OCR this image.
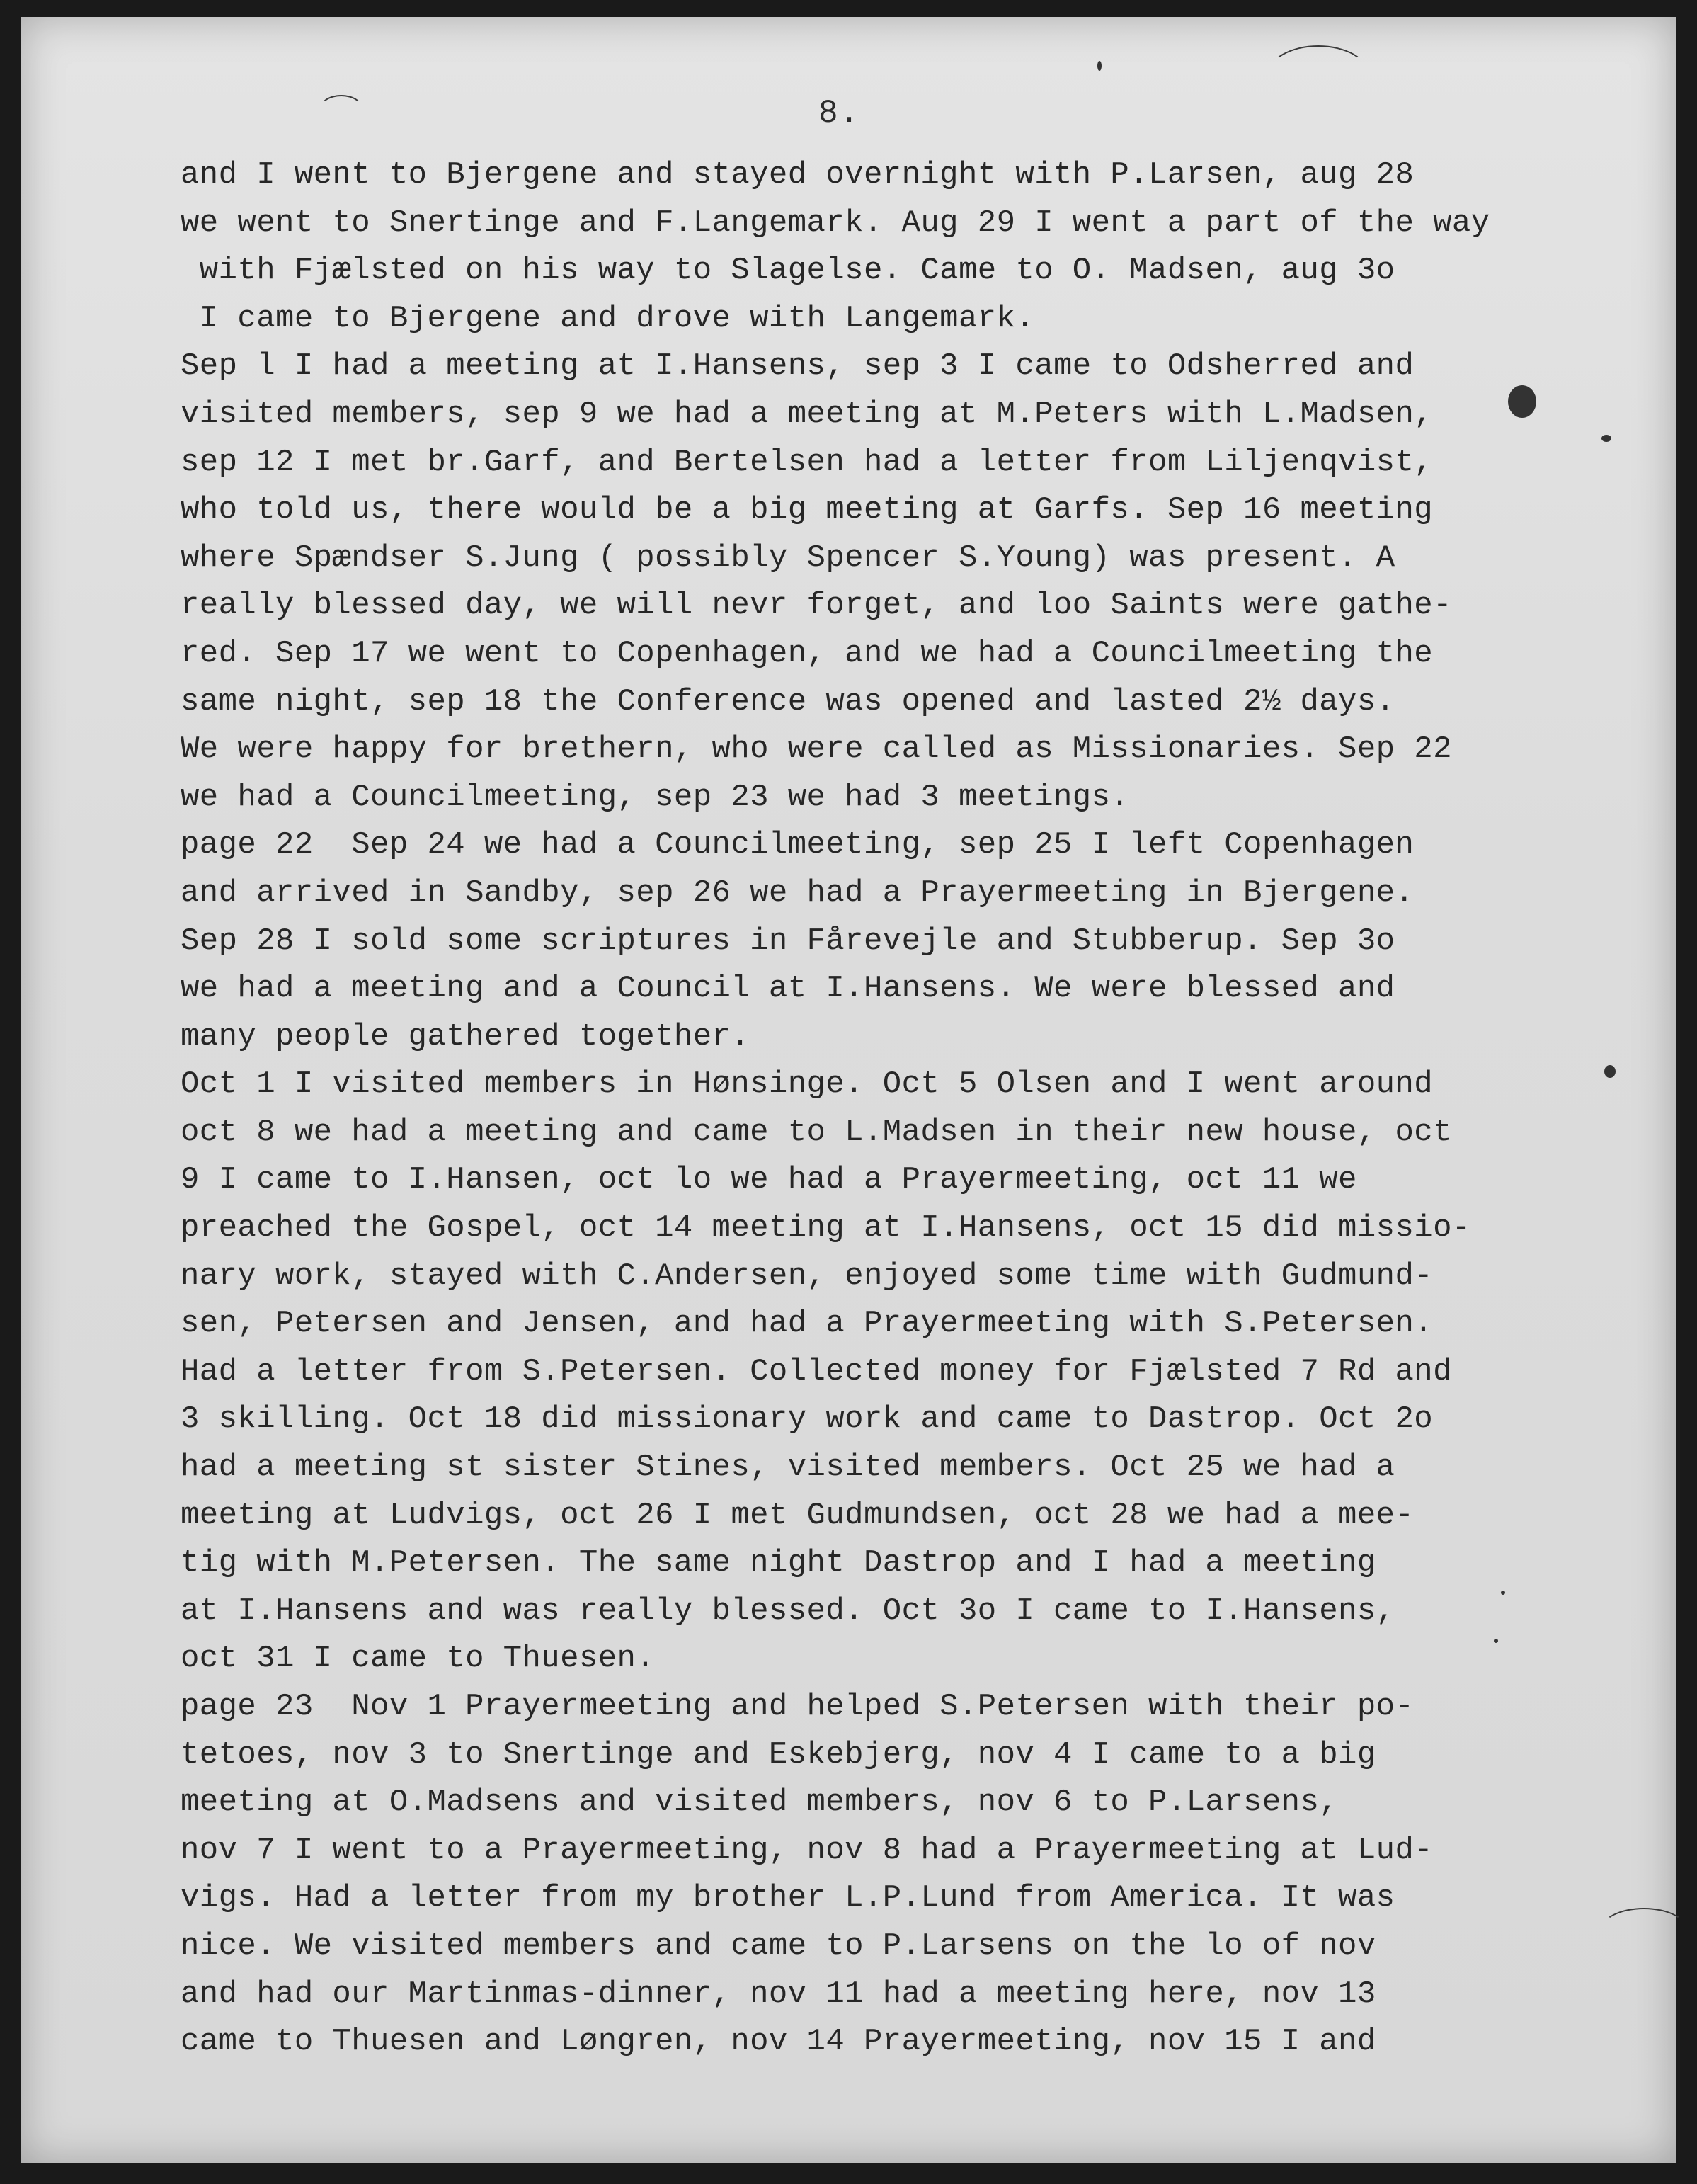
8.
and I went to Bjergene and stayed overnight with P.Larsen, aug 28
we went to Snertinge and F.Langemark. Aug 29 I went a part of the way
with Fjælsted on his way to Slagelse. Came to O. Madsen, aug 3o
I came to Bjergene and drove with Langemark.
Sep l I had a meeting at I.Hansens, sep 3 I came to Odsherred and
visited members, sep 9 we had a meeting at M.Peters with L.Madsen,
sep 12 I met br.Garf, and Bertelsen had a letter from Liljenqvist,
who told us, there would be a big meeting at Garfs. Sep 16 meeting
where Spændser S.Jung ( possibly Spencer S.Young) was present. A
really blessed day, we will nevr forget, and loo Saints were gathe-
red. Sep 17 we went to Copenhagen, and we had a Councilmeeting the
same night, sep 18 the Conference was opened and lasted 2½ days.
We were happy for brethern, who were called as Missionaries. Sep 22
we had a Councilmeeting, sep 23 we had 3 meetings.
page 22  Sep 24 we had a Councilmeeting, sep 25 I left Copenhagen
and arrived in Sandby, sep 26 we had a Prayermeeting in Bjergene.
Sep 28 I sold some scriptures in Fårevejle and Stubberup. Sep 3o
we had a meeting and a Council at I.Hansens. We were blessed and
many people gathered together.
Oct 1 I visited members in Hønsinge. Oct 5 Olsen and I went around
oct 8 we had a meeting and came to L.Madsen in their new house, oct
9 I came to I.Hansen, oct lo we had a Prayermeeting, oct 11 we
preached the Gospel, oct 14 meeting at I.Hansens, oct 15 did missio-
nary work, stayed with C.Andersen, enjoyed some time with Gudmund-
sen, Petersen and Jensen, and had a Prayermeeting with S.Petersen.
Had a letter from S.Petersen. Collected money for Fjælsted 7 Rd and
3 skilling. Oct 18 did missionary work and came to Dastrop. Oct 2o
had a meeting st sister Stines, visited members. Oct 25 we had a
meeting at Ludvigs, oct 26 I met Gudmundsen, oct 28 we had a mee-
tig with M.Petersen. The same night Dastrop and I had a meeting
at I.Hansens and was really blessed. Oct 3o I came to I.Hansens,
oct 31 I came to Thuesen.
page 23  Nov 1 Prayermeeting and helped S.Petersen with their po-
tetoes, nov 3 to Snertinge and Eskebjerg, nov 4 I came to a big
meeting at O.Madsens and visited members, nov 6 to P.Larsens,
nov 7 I went to a Prayermeeting, nov 8 had a Prayermeeting at Lud-
vigs. Had a letter from my brother L.P.Lund from America. It was
nice. We visited members and came to P.Larsens on the lo of nov
and had our Martinmas-dinner, nov 11 had a meeting here, nov 13
came to Thuesen and Løngren, nov 14 Prayermeeting, nov 15 I and
